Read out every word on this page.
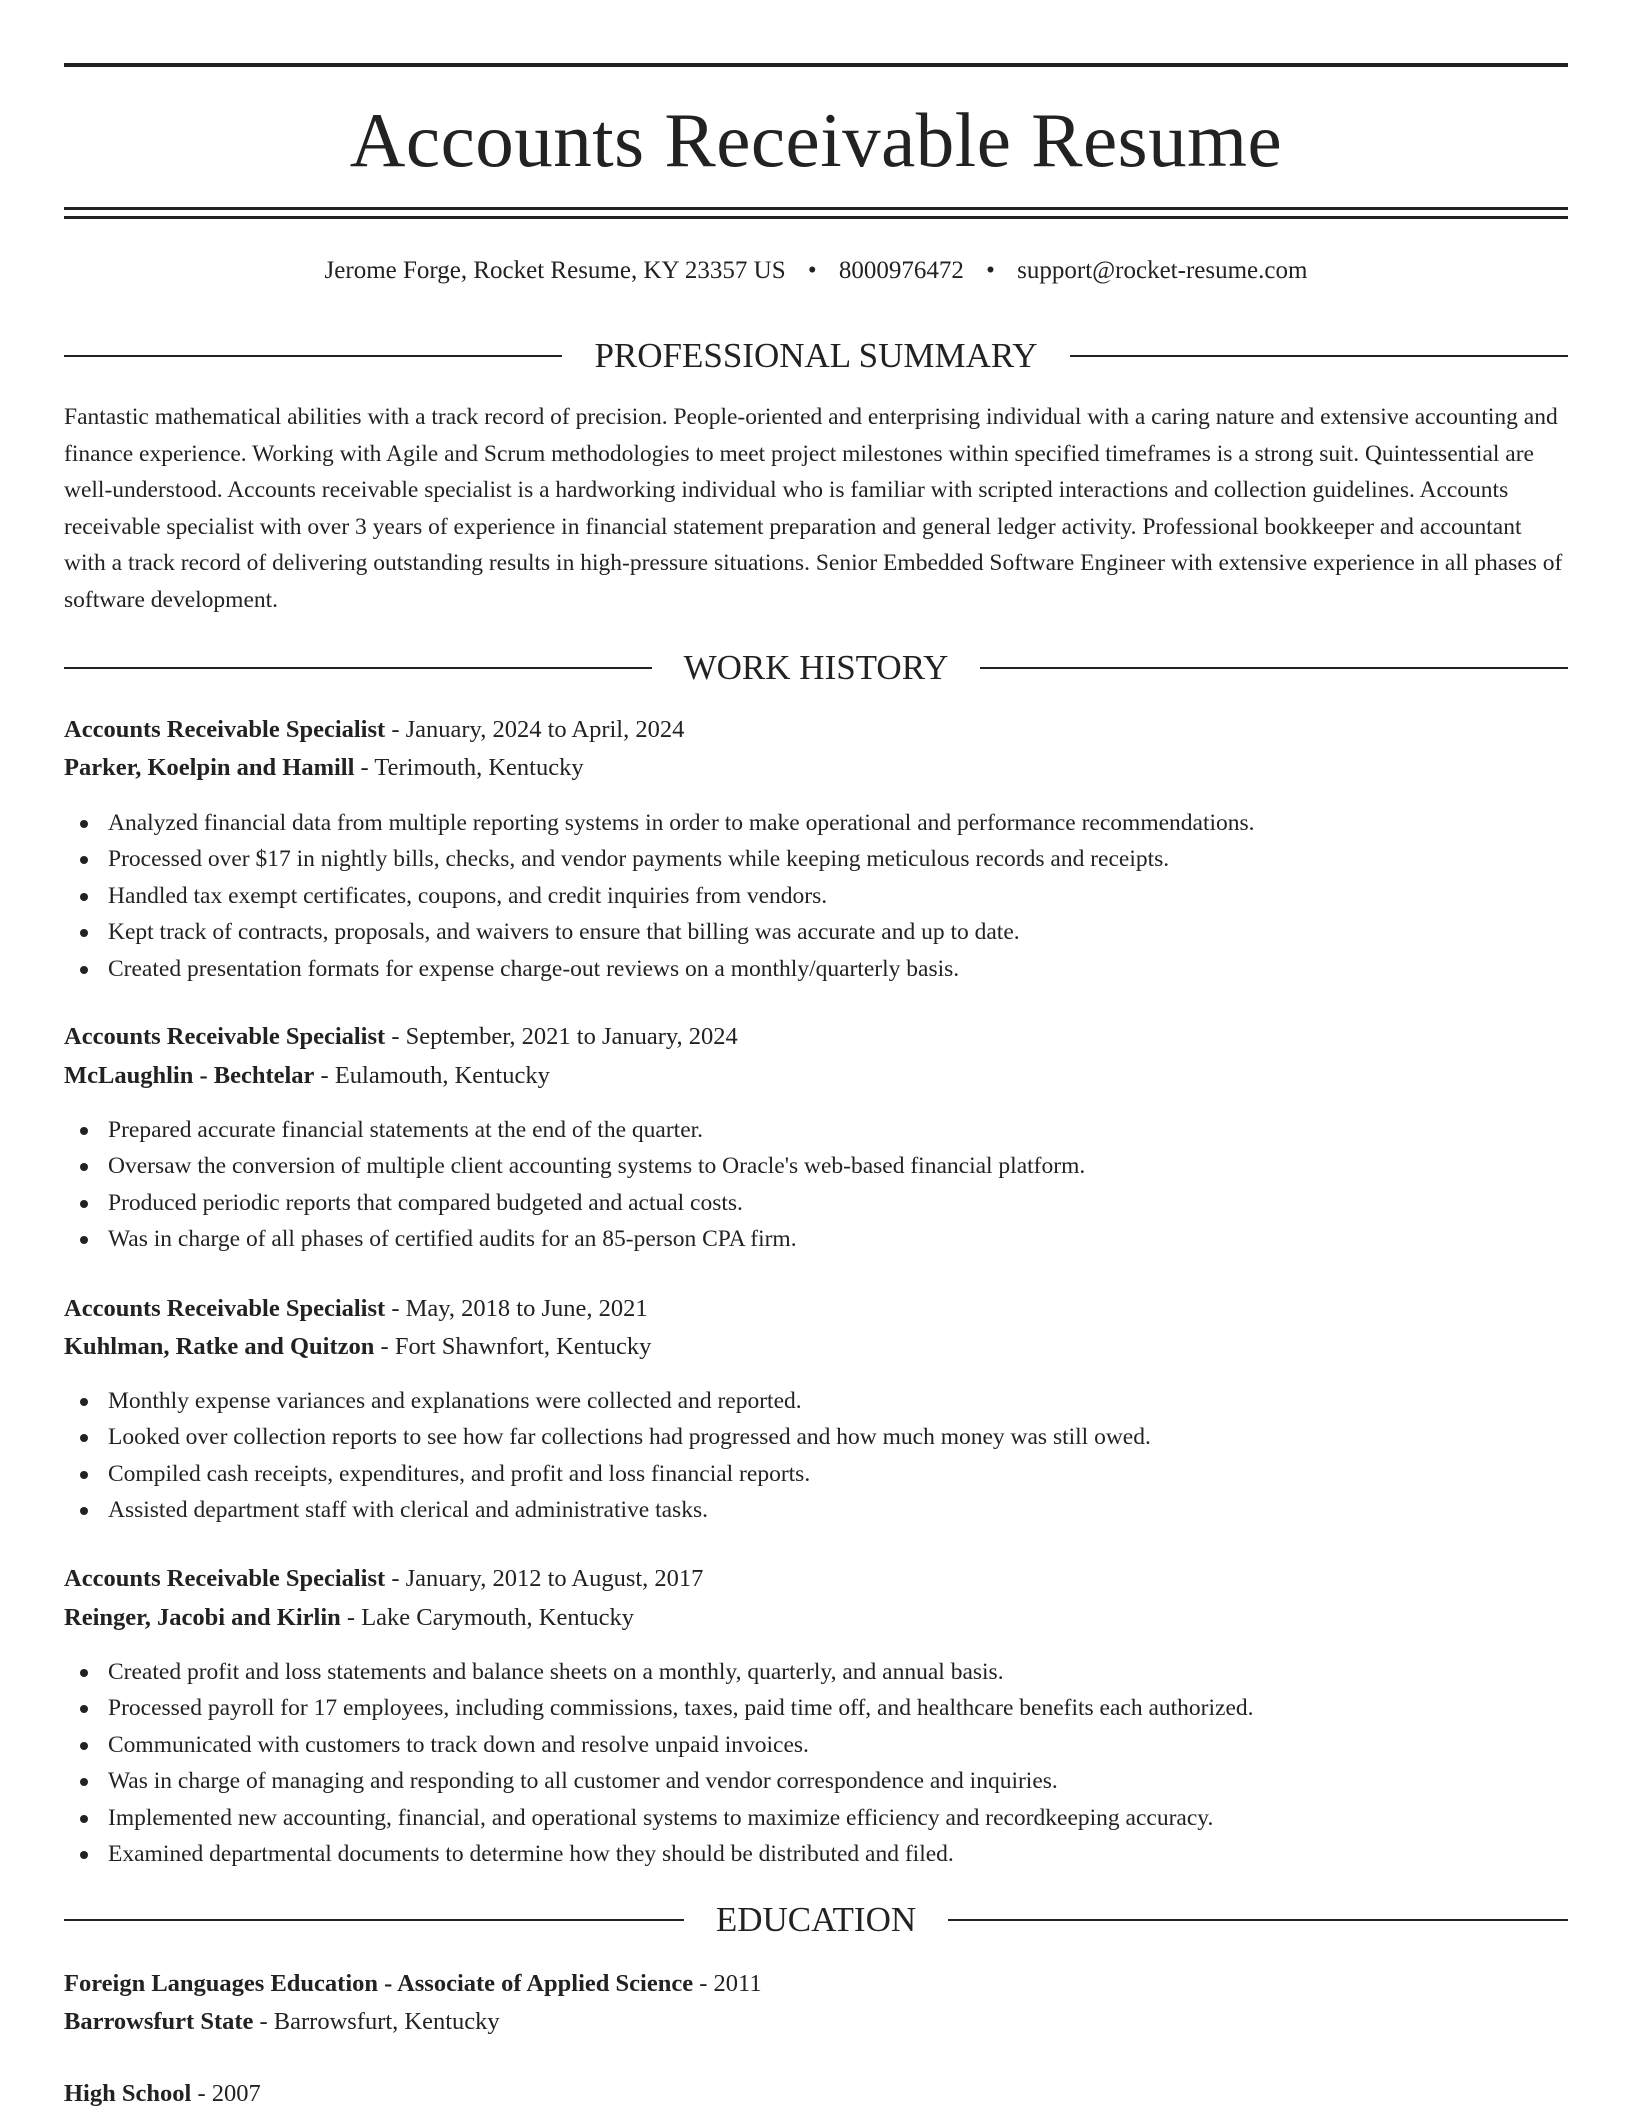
Accounts Receivable Resume
Jerome Forge, Rocket Resume, KY 23357 US • 8000976472 • support@rocket-resume.com
PROFESSIONAL SUMMARY

Fantastic mathematical abilities with a track record of precision. People-oriented and enterprising individual with a caring nature and extensive accounting and finance experience. Working with Agile and Scrum methodologies to meet project milestones within specified timeframes is a strong suit. Quintessential are well-understood. Accounts receivable specialist is a hardworking individual who is familiar with scripted interactions and collection guidelines. Accounts receivable specialist with over 3 years of experience in financial statement preparation and general ledger activity. Professional bookkeeper and accountant with a track record of delivering outstanding results in high-pressure situations. Senior Embedded Software Engineer with extensive experience in all phases of software development.

WORK HISTORY
Accounts Receivable Specialist - January, 2024 to April, 2024
Parker, Koelpin and Hamill - Terimouth, Kentucky
Analyzed financial data from multiple reporting systems in order to make operational and performance recommendations.
Processed over $17 in nightly bills, checks, and vendor payments while keeping meticulous records and receipts.
Handled tax exempt certificates, coupons, and credit inquiries from vendors.
Kept track of contracts, proposals, and waivers to ensure that billing was accurate and up to date.
Created presentation formats for expense charge-out reviews on a monthly/quarterly basis.
Accounts Receivable Specialist - September, 2021 to January, 2024
McLaughlin - Bechtelar - Eulamouth, Kentucky
Prepared accurate financial statements at the end of the quarter.
Oversaw the conversion of multiple client accounting systems to Oracle's web-based financial platform.
Produced periodic reports that compared budgeted and actual costs.
Was in charge of all phases of certified audits for an 85-person CPA firm.
Accounts Receivable Specialist - May, 2018 to June, 2021
Kuhlman, Ratke and Quitzon - Fort Shawnfort, Kentucky
Monthly expense variances and explanations were collected and reported.
Looked over collection reports to see how far collections had progressed and how much money was still owed.
Compiled cash receipts, expenditures, and profit and loss financial reports.
Assisted department staff with clerical and administrative tasks.
Accounts Receivable Specialist - January, 2012 to August, 2017
Reinger, Jacobi and Kirlin - Lake Carymouth, Kentucky
Created profit and loss statements and balance sheets on a monthly, quarterly, and annual basis.
Processed payroll for 17 employees, including commissions, taxes, paid time off, and healthcare benefits each authorized.
Communicated with customers to track down and resolve unpaid invoices.
Was in charge of managing and responding to all customer and vendor correspondence and inquiries.
Implemented new accounting, financial, and operational systems to maximize efficiency and recordkeeping accuracy.
Examined departmental documents to determine how they should be distributed and filed.
EDUCATION
Foreign Languages Education - Associate of Applied Science - 2011
Barrowsfurt State - Barrowsfurt, Kentucky
High School - 2007
